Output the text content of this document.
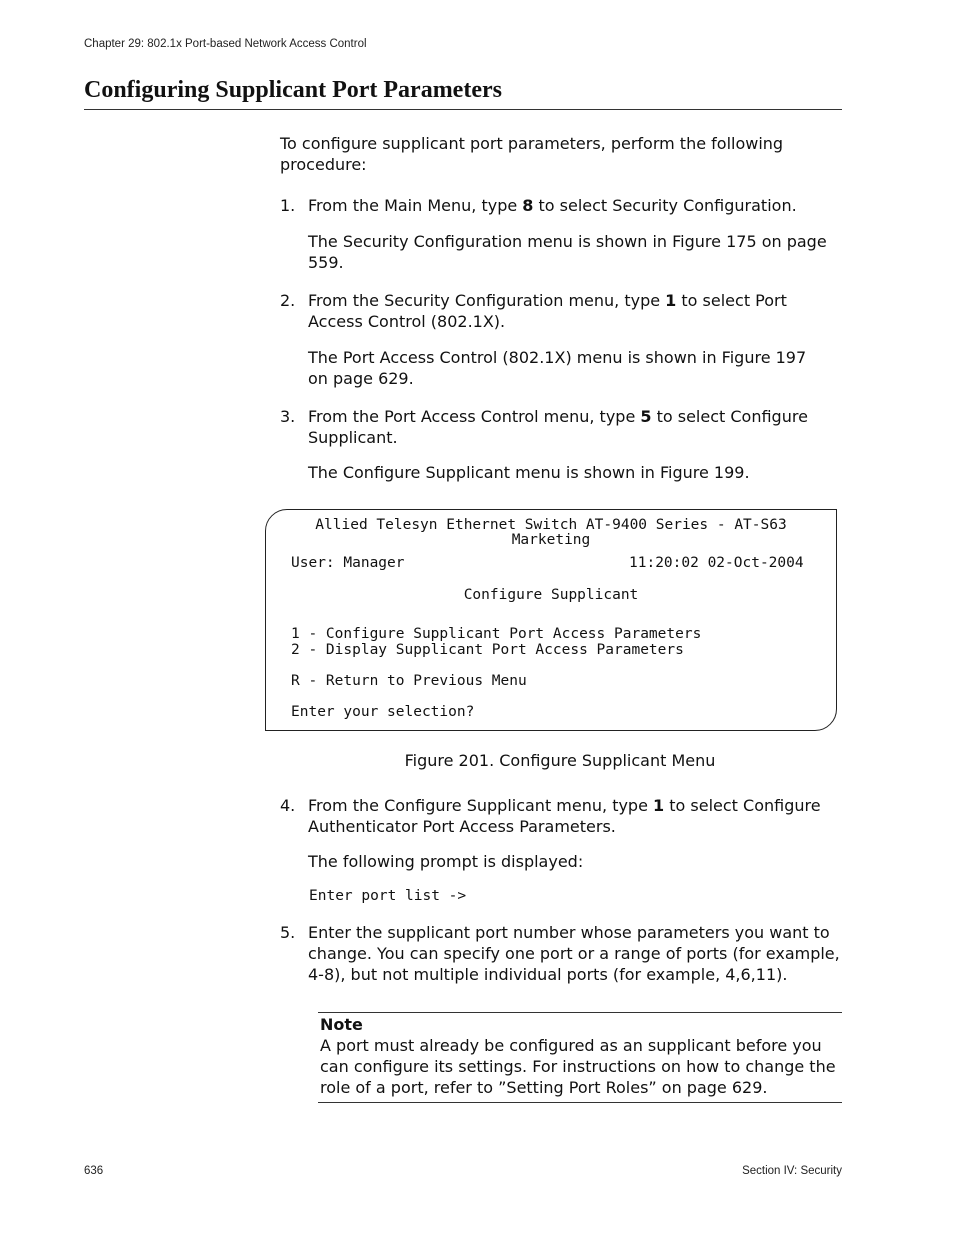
Chapter 29: 802.1x Port-based Network Access Control
Configuring Supplicant Port Parameters
To configure supplicant port parameters, perform the following procedure:
1. From the Main Menu, type 8 to select Security Configuration.
The Security Configuration menu is shown in Figure 175 on page 559.
2. From the Security Configuration menu, type 1 to select Port Access Control (802.1X).
The Port Access Control (802.1X) menu is shown in Figure 197 on page 629.
3. From the Port Access Control menu, type 5 to select Configure Supplicant.
The Configure Supplicant menu is shown in Figure 199.
Allied Telesyn Ethernet Switch AT-9400 Series - AT-S63
Marketing
User: Manager	11:20:02 02-Oct-2004
Configure Supplicant
1 - Configure Supplicant Port Access Parameters
2 - Display Supplicant Port Access Parameters
R - Return to Previous Menu
Enter your selection?
Figure 201. Configure Supplicant Menu
4. From the Configure Supplicant menu, type 1 to select Configure Authenticator Port Access Parameters.
The following prompt is displayed:
Enter port list ->
5. Enter the supplicant port number whose parameters you want to change. You can specify one port or a range of ports (for example, 4-8), but not multiple individual ports (for example, 4,6,11).
Note
A port must already be configured as an supplicant before you can configure its settings. For instructions on how to change the role of a port, refer to ”Setting Port Roles” on page 629.
636	Section IV: Security
